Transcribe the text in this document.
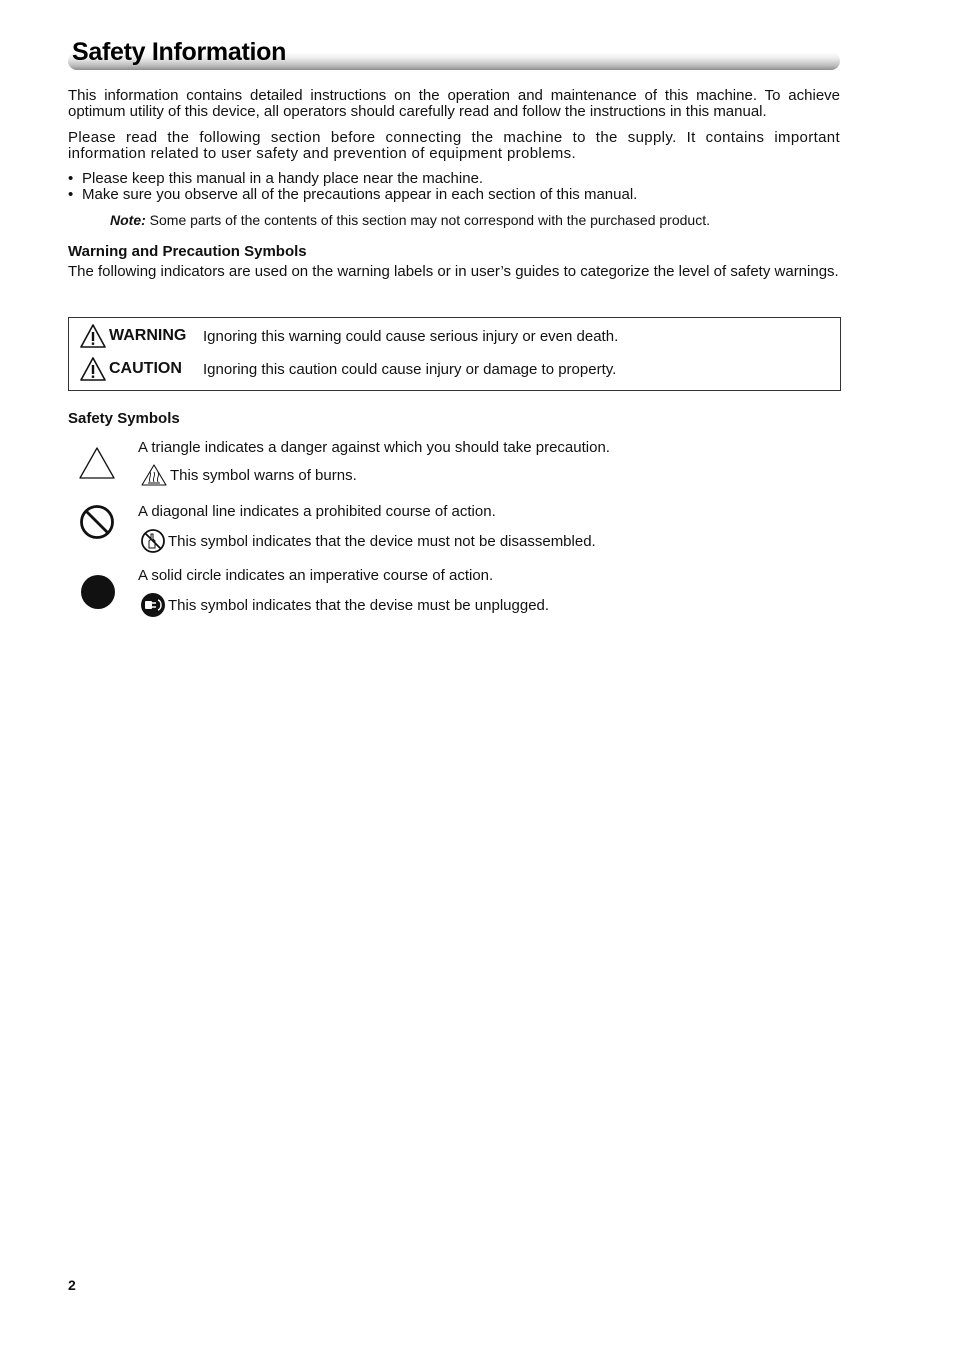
Safety Information
This information contains detailed instructions on the operation and maintenance of this machine. To achieve optimum utility of this device, all operators should carefully read and follow the instructions in this manual.
Please read the following section before connecting the machine to the supply. It contains important information related to user safety and prevention of equipment problems.
• Please keep this manual in a handy place near the machine.
• Make sure you observe all of the precautions appear in each section of this manual.
Note: Some parts of the contents of this section may not correspond with the purchased product.
Warning and Precaution Symbols
The following indicators are used on the warning labels or in user’s guides to categorize the level of safety warnings.
WARNING	Ignoring this warning could cause serious injury or even death.
CAUTION	Ignoring this caution could cause injury or damage to property.
Safety Symbols
A triangle indicates a danger against which you should take precaution.
This symbol warns of burns.
A diagonal line indicates a prohibited course of action.
This symbol indicates that the device must not be disassembled.
A solid circle indicates an imperative course of action.
This symbol indicates that the devise must be unplugged.
2
